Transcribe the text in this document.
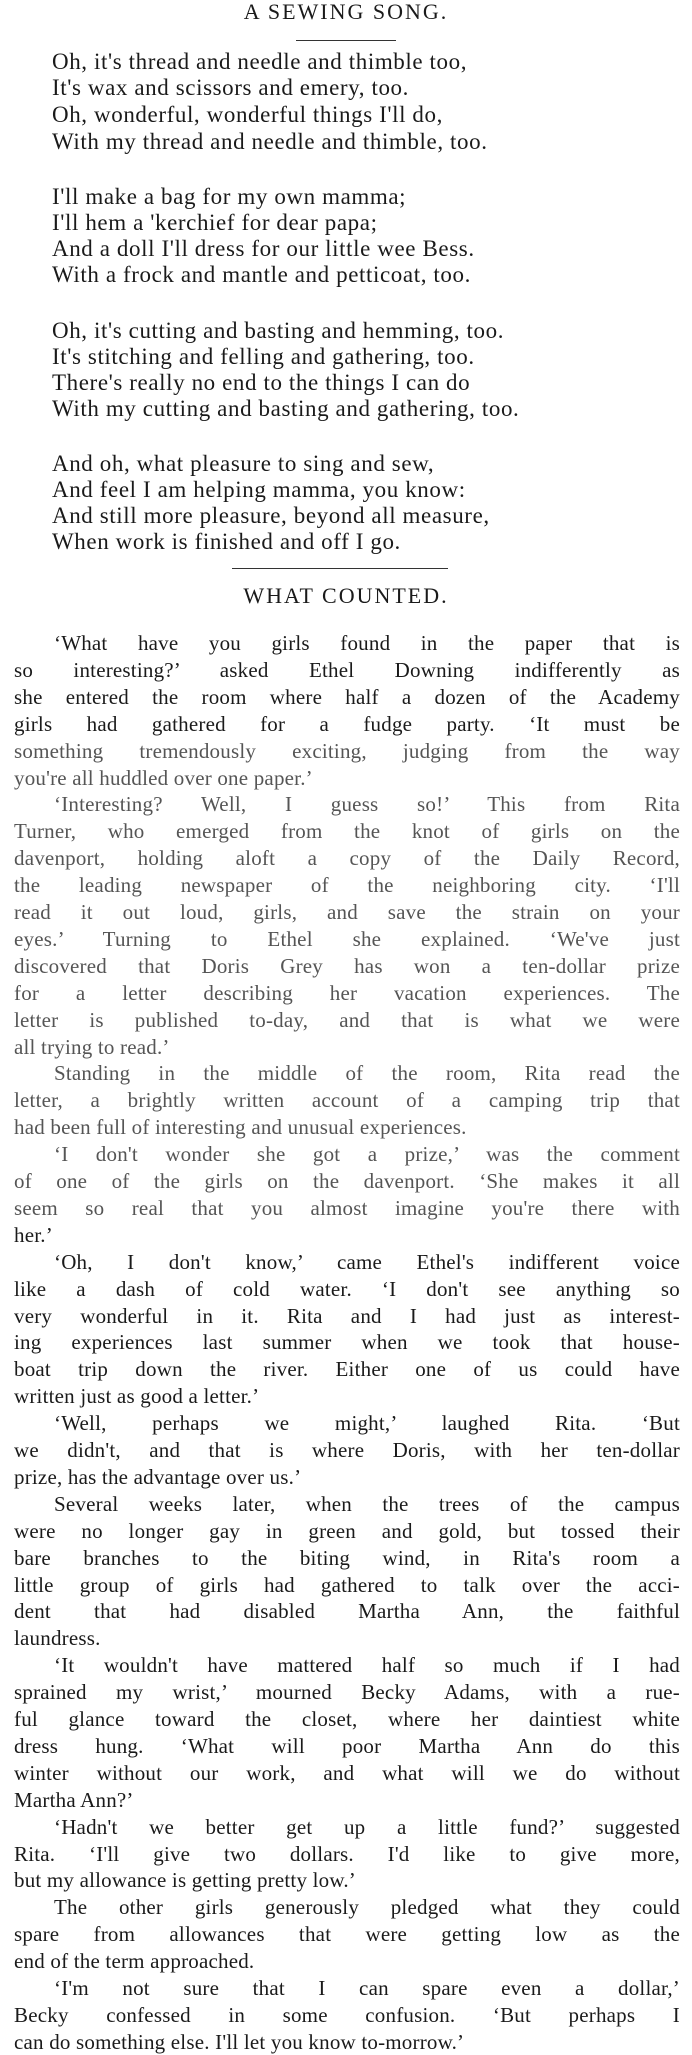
A SEWING SONG.
Oh, it's thread and needle and thimble too,
It's wax and scissors and emery, too.
Oh, wonderful, wonderful things I'll do,
With my thread and needle and thimble, too.
I'll make a bag for my own mamma;
I'll hem a 'kerchief for dear papa;
And a doll I'll dress for our little wee Bess.
With a frock and mantle and petticoat, too.
Oh, it's cutting and basting and hemming, too.
It's stitching and felling and gathering, too.
There's really no end to the things I can do
With my cutting and basting and gathering, too.
And oh, what pleasure to sing and sew,
And feel I am helping mamma, you know:
And still more pleasure, beyond all measure,
When work is finished and off I go.
WHAT COUNTED.
‘What have you girls found in the paper that is
so interesting?’ asked Ethel Downing indifferently as
she entered the room where half a dozen of the Academy
girls had gathered for a fudge party. ‘It must be
something tremendously exciting, judging from the way
you're all huddled over one paper.’
‘Interesting? Well, I guess so!’ This from Rita
Turner, who emerged from the knot of girls on the
davenport, holding aloft a copy of the Daily Record,
the leading newspaper of the neighboring city. ‘I'll
read it out loud, girls, and save the strain on your
eyes.’ Turning to Ethel she explained. ‘We've just
discovered that Doris Grey has won a ten-dollar prize
for a letter describing her vacation experiences. The
letter is published to-day, and that is what we were
all trying to read.’
Standing in the middle of the room, Rita read the
letter, a brightly written account of a camping trip that
had been full of interesting and unusual experiences.
‘I don't wonder she got a prize,’ was the comment
of one of the girls on the davenport. ‘She makes it all
seem so real that you almost imagine you're there with
her.’
‘Oh, I don't know,’ came Ethel's indifferent voice
like a dash of cold water. ‘I don't see anything so
very wonderful in it. Rita and I had just as interest-
ing experiences last summer when we took that house-
boat trip down the river. Either one of us could have
written just as good a letter.’
‘Well, perhaps we might,’ laughed Rita. ‘But
we didn't, and that is where Doris, with her ten-dollar
prize, has the advantage over us.’
Several weeks later, when the trees of the campus
were no longer gay in green and gold, but tossed their
bare branches to the biting wind, in Rita's room a
little group of girls had gathered to talk over the acci-
dent that had disabled Martha Ann, the faithful
laundress.
‘It wouldn't have mattered half so much if I had
sprained my wrist,’ mourned Becky Adams, with a rue-
ful glance toward the closet, where her daintiest white
dress hung. ‘What will poor Martha Ann do this
winter without our work, and what will we do without
Martha Ann?’
‘Hadn't we better get up a little fund?’ suggested
Rita. ‘I'll give two dollars. I'd like to give more,
but my allowance is getting pretty low.’
The other girls generously pledged what they could
spare from allowances that were getting low as the
end of the term approached.
‘I'm not sure that I can spare even a dollar,’
Becky confessed in some confusion. ‘But perhaps I
can do something else. I'll let you know to-morrow.’
